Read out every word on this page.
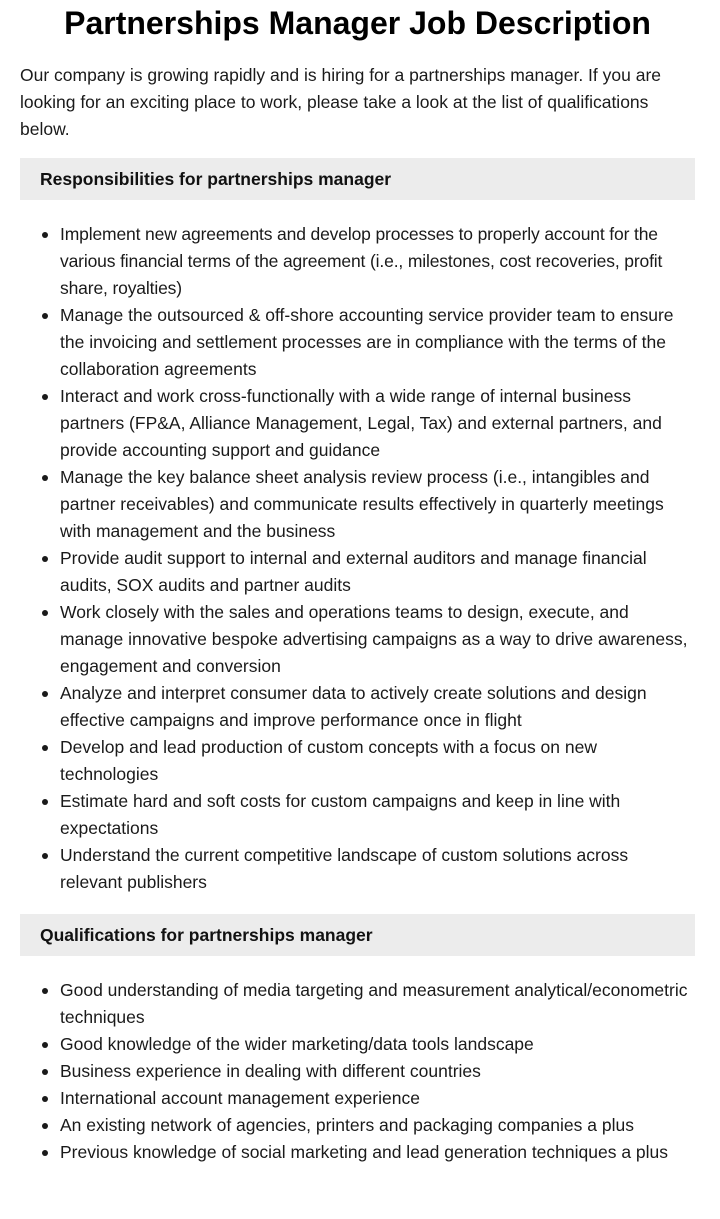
Partnerships Manager Job Description

Our company is growing rapidly and is hiring for a partnerships manager. If you are looking for an exciting place to work, please take a look at the list of qualifications below.

Responsibilities for partnerships manager
Implement new agreements and develop processes to properly account for the various financial terms of the agreement (i.e., milestones, cost recoveries, profit share, royalties)
Manage the outsourced & off-shore accounting service provider team to ensure the invoicing and settlement processes are in compliance with the terms of the collaboration agreements
Interact and work cross-functionally with a wide range of internal business partners (FP&A, Alliance Management, Legal, Tax) and external partners, and provide accounting support and guidance
Manage the key balance sheet analysis review process (i.e., intangibles and partner receivables) and communicate results effectively in quarterly meetings with management and the business
Provide audit support to internal and external auditors and manage financial audits, SOX audits and partner audits
Work closely with the sales and operations teams to design, execute, and manage innovative bespoke advertising campaigns as a way to drive awareness, engagement and conversion
Analyze and interpret consumer data to actively create solutions and design effective campaigns and improve performance once in flight
Develop and lead production of custom concepts with a focus on new technologies
Estimate hard and soft costs for custom campaigns and keep in line with expectations
Understand the current competitive landscape of custom solutions across relevant publishers
Qualifications for partnerships manager
Good understanding of media targeting and measurement analytical/econometric techniques
Good knowledge of the wider marketing/data tools landscape
Business experience in dealing with different countries
International account management experience
An existing network of agencies, printers and packaging companies a plus
Previous knowledge of social marketing and lead generation techniques a plus
